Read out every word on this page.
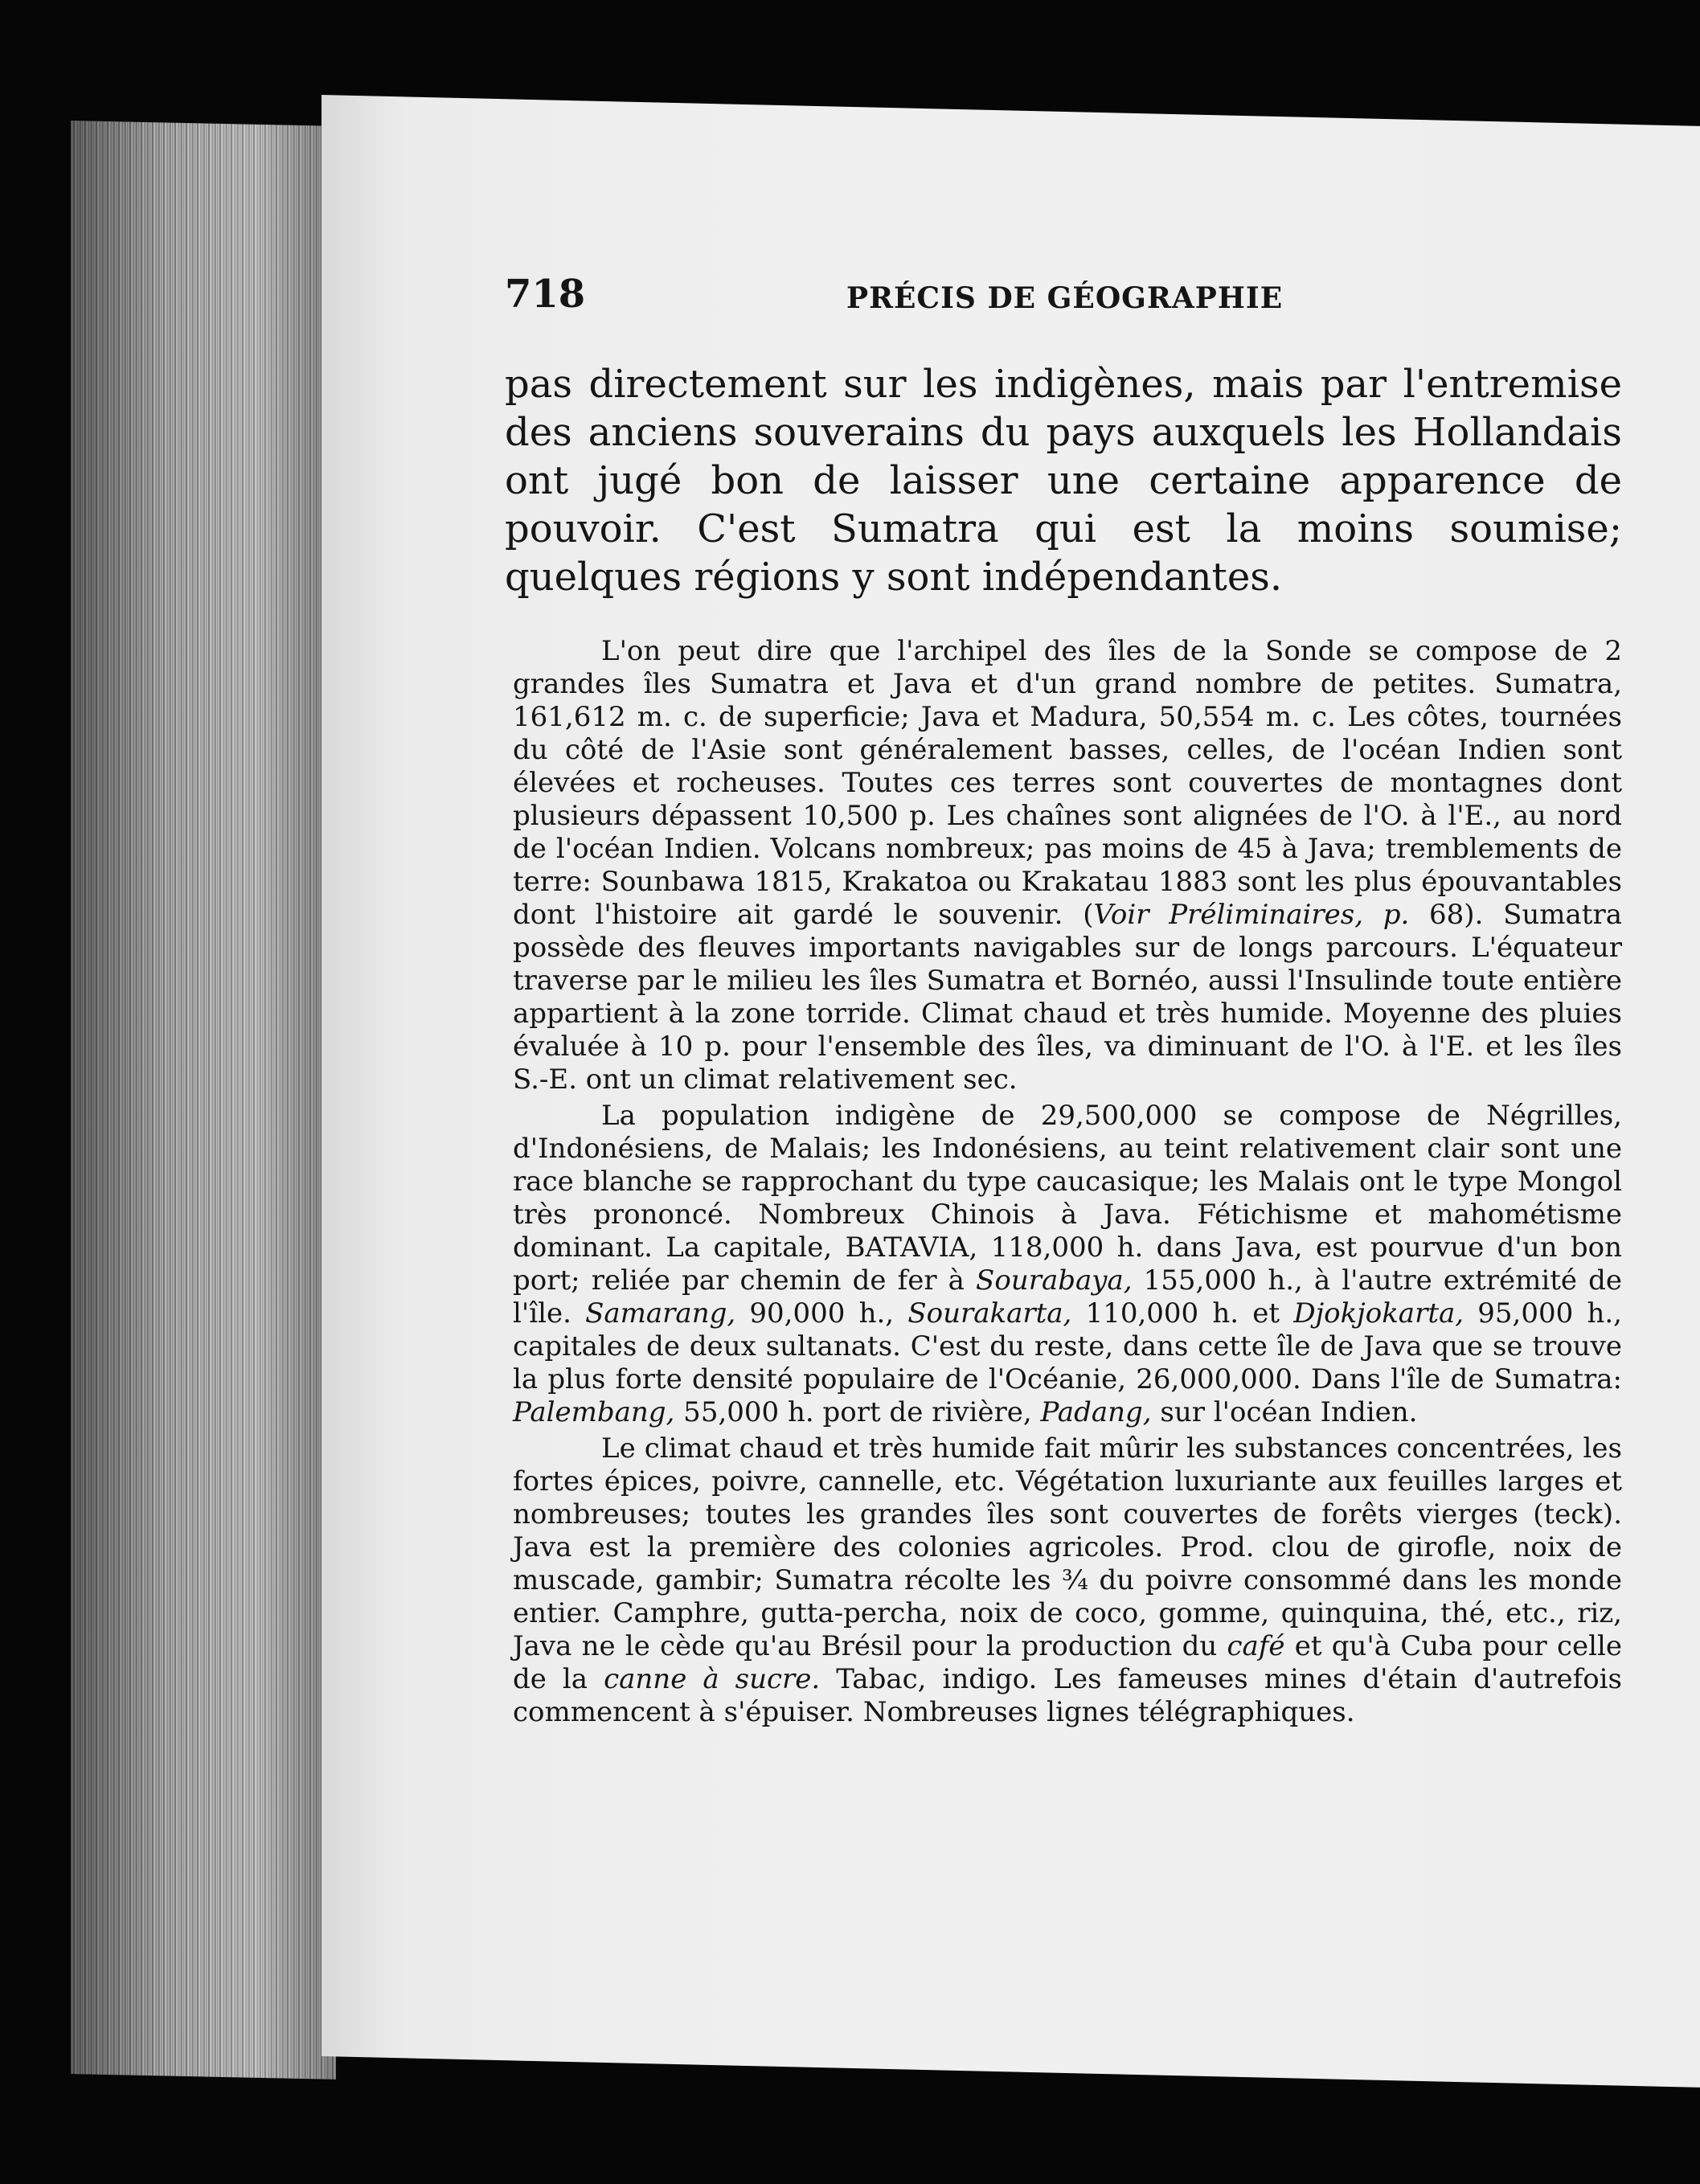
718	PRÉCIS DE GÉOGRAPHIE
pas directement sur les indigènes, mais par l'entremise des anciens souverains du pays auxquels les Hollandais ont jugé bon de laisser une certaine apparence de pouvoir. C'est Sumatra qui est la moins soumise; quelques régions y sont indépendantes.

L'on peut dire que l'archipel des îles de la Sonde se compose de 2 grandes îles Sumatra et Java et d'un grand nombre de petites. Sumatra, 161,612 m. c. de superficie; Java et Madura, 50,554 m. c. Les côtes, tournées du côté de l'Asie sont généralement basses, celles, de l'océan Indien sont élevées et rocheuses. Toutes ces terres sont couvertes de montagnes dont plusieurs dépassent 10,500 p. Les chaînes sont alignées de l'O. à l'E., au nord de l'océan Indien. Volcans nombreux; pas moins de 45 à Java; tremblements de terre: Sounbawa 1815, Krakatoa ou Krakatau 1883 sont les plus épouvantables dont l'histoire ait gardé le souvenir. (Voir Préliminaires, p. 68). Sumatra possède des fleuves importants navigables sur de longs parcours. L'équateur traverse par le milieu les îles Sumatra et Bornéo, aussi l'Insulinde toute entière appartient à la zone torride. Climat chaud et très humide. Moyenne des pluies évaluée à 10 p. pour l'ensemble des îles, va diminuant de l'O. à l'E. et les îles S.-E. ont un climat relativement sec.

La population indigène de 29,500,000 se compose de Négrilles, d'Indonésiens, de Malais; les Indonésiens, au teint relativement clair sont une race blanche se rapprochant du type caucasique; les Malais ont le type Mongol très prononcé. Nombreux Chinois à Java. Fétichisme et mahométisme dominant. La capitale, BATAVIA, 118,000 h. dans Java, est pourvue d'un bon port; reliée par chemin de fer à Sourabaya, 155,000 h., à l'autre extrémité de l'île. Samarang, 90,000 h., Sourakarta, 110,000 h. et Djokjokarta, 95,000 h., capitales de deux sultanats. C'est du reste, dans cette île de Java que se trouve la plus forte densité populaire de l'Océanie, 26,000,000. Dans l'île de Sumatra: Palembang, 55,000 h. port de rivière, Padang, sur l'océan Indien.

Le climat chaud et très humide fait mûrir les substances concentrées, les fortes épices, poivre, cannelle, etc. Végétation luxuriante aux feuilles larges et nombreuses; toutes les grandes îles sont couvertes de forêts vierges (teck). Java est la première des colonies agricoles. Prod. clou de girofle, noix de muscade, gambir; Sumatra récolte les ¾ du poivre consommé dans les monde entier. Camphre, gutta-percha, noix de coco, gomme, quinquina, thé, etc., riz, Java ne le cède qu'au Brésil pour la production du café et qu'à Cuba pour celle de la canne à sucre. Tabac, indigo. Les fameuses mines d'étain d'autrefois commencent à s'épuiser. Nombreuses lignes télégraphiques.
